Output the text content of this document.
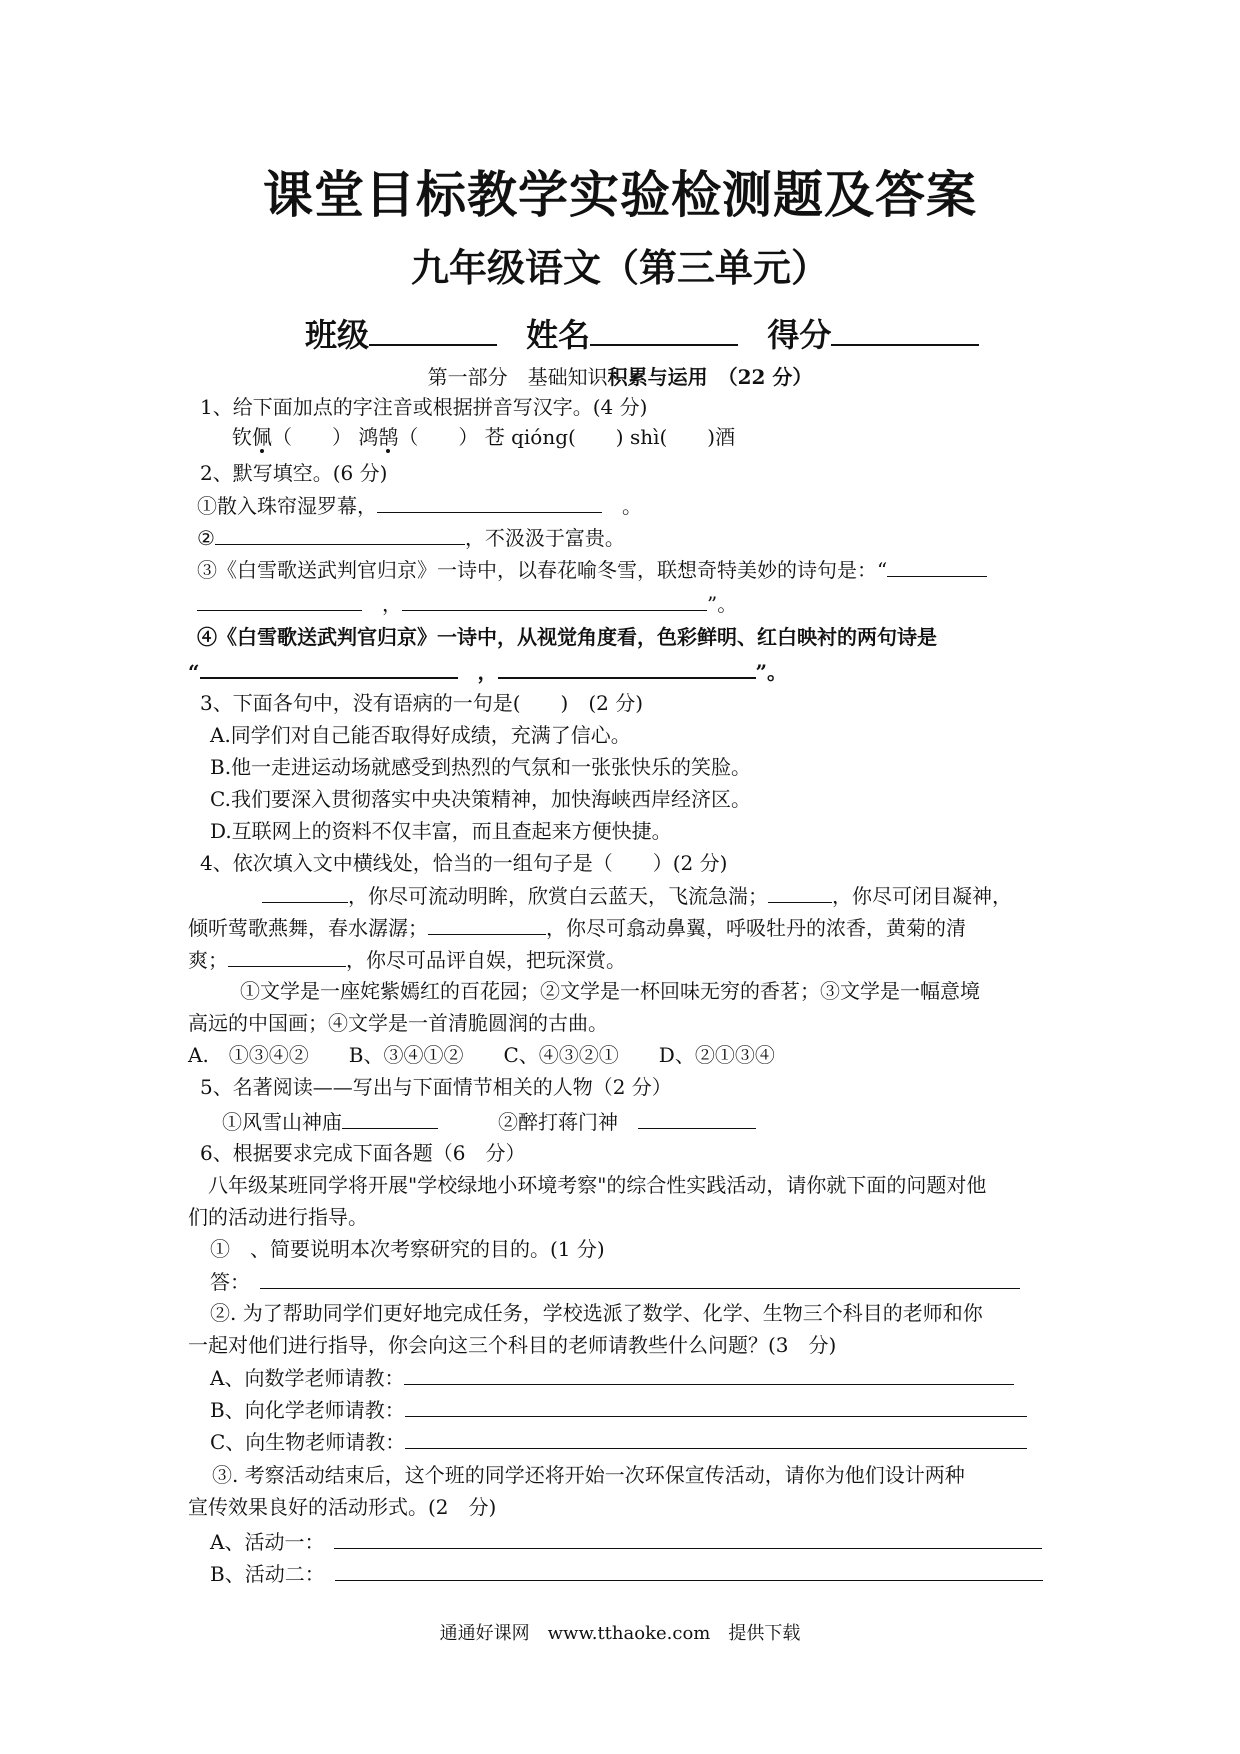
课堂目标教学实验检测题及答案
九年级语文（第三单元）
班级	姓名	得分
第一部分　基础知识积累与运用　 （22 分）
1、给下面加点的字注音或根据拼音写汉字。(4 分)
钦佩（　　） 鸿鹄（　　） 苍 qióng(　　) shì(　　)酒
2、默写填空。(6 分)
①散入珠帘湿罗幕，　	。
②	，不汲汲于富贵。
③《白雪歌送武判官归京》一诗中，以春花喻冬雪，联想奇特美妙的诗句是：“
　，	”。
④《白雪歌送武判官归京》一诗中，从视觉角度看，色彩鲜明、红白映衬的两句诗是
“　	，	”。
3、下面各句中，没有语病的一句是(　　)　(2 分)
A.同学们对自己能否取得好成绩，充满了信心。
B.他一走进运动场就感受到热烈的气氛和一张张快乐的笑脸。
C.我们要深入贯彻落实中央决策精神，加快海峡西岸经济区。
D.互联网上的资料不仅丰富，而且查起来方便快捷。
4、依次填入文中横线处，恰当的一组句子是（　　）(2 分)
，你尽可流动明眸，欣赏白云蓝天，飞流急湍；	，你尽可闭目凝神，
倾听莺歌燕舞，春水潺潺；	，你尽可翕动鼻翼，呼吸牡丹的浓香，黄菊的清
爽；	，你尽可品评自娱，把玩深赏。
①文学是一座姹紫嫣红的百花园；②文学是一杯回味无穷的香茗；③文学是一幅意境
高远的中国画；④文学是一首清脆圆润的古曲。
A.　①③④②　　B、③④①②　　C、④③②①　　D、②①③④
5、名著阅读——写出与下面情节相关的人物（2 分）
①风雪山神庙　　　	②醉打蒋门神　
6、根据要求完成下面各题（6　分）
八年级某班同学将开展"学校绿地小环境考察"的综合性实践活动，请你就下面的问题对他
们的活动进行指导。
①　、简要说明本次考察研究的目的。(1 分)
答：　
②. 为了帮助同学们更好地完成任务，学校选派了数学、化学、生物三个科目的老师和你
一起对他们进行指导，你会向这三个科目的老师请教些什么问题？(3　分)
A、向数学老师请教：
B、向化学老师请教：
C、向生物老师请教：
③. 考察活动结束后，这个班的同学还将开始一次环保宣传活动，请你为他们设计两种
宣传效果良好的活动形式。(2　分)
A、活动一：　
B、活动二：　
通通好课网　www.tthaoke.com　提供下载
